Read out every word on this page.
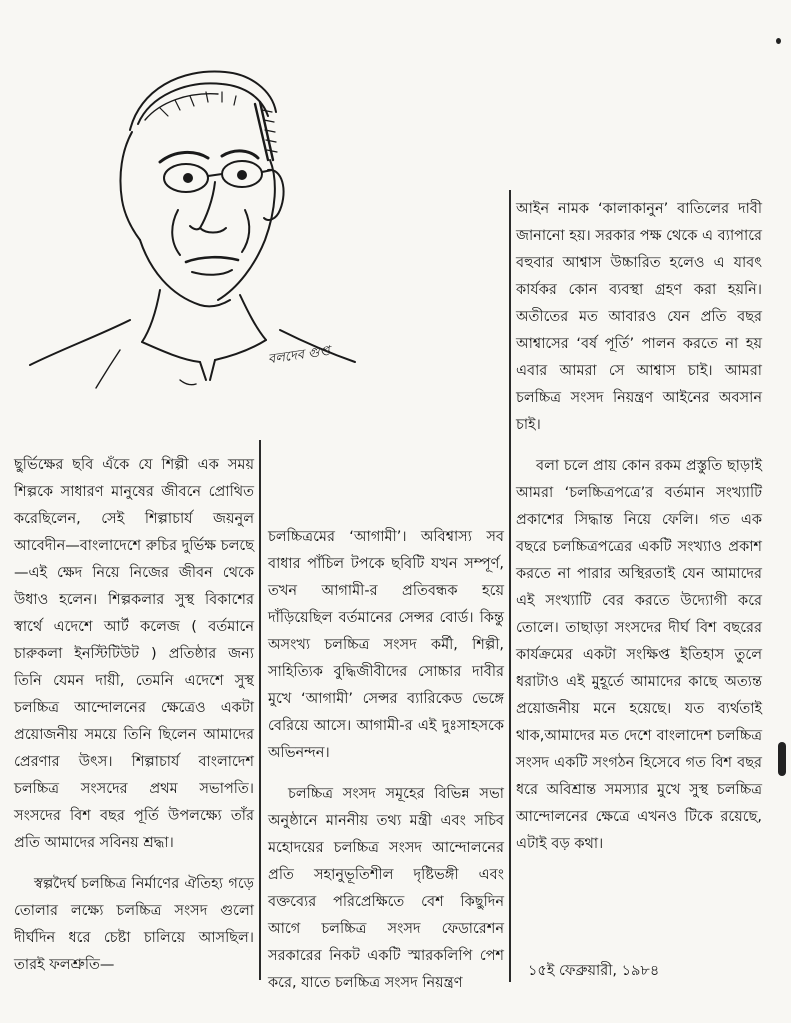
বলদেব গুপ্ত

ছুর্ভিক্ষের ছবি এঁকে যে শিল্পী এক সময় শিল্পকে সাধারণ মানুষের জীবনে প্রোথিত করেছিলেন, সেই শিল্পাচার্য জয়নুল আবেদীন—বাংলাদেশে রুচির দুর্ভিক্ষ চলছে—এই ক্ষেদ নিয়ে নিজের জীবন থেকে উধাও হলেন। শিল্পকলার সুস্থ বিকাশের স্বার্থে এদেশে আর্ট কলেজ ( বর্তমানে চারুকলা ইনস্টিটিউট ) প্রতিষ্ঠার জন্য তিনি যেমন দায়ী, তেমনি এদেশে সুস্থ চলচ্চিত্র আন্দোলনের ক্ষেত্রেও একটা প্রয়োজনীয় সময়ে তিনি ছিলেন আমাদের প্রেরণার উৎস। শিল্পাচার্য বাংলাদেশ চলচ্চিত্র সংসদের প্রথম সভাপতি। সংসদের বিশ বছর পূর্তি উপলক্ষ্যে তাঁর প্রতি আমাদের সবিনয় শ্রদ্ধা।

স্বল্পদৈর্ঘ চলচ্চিত্র নির্মাণের ঐতিহ্য গড়ে তোলার লক্ষ্যে চলচ্চিত্র সংসদ গুলো দীর্ঘদিন ধরে চেষ্টা চালিয়ে আসছিল। তারই ফলশ্রুতি—

চলচ্চিত্রমের ‘আগামী’। অবিশ্বাস্য সব বাধার পাঁচিল টপকে ছবিটি যখন সম্পূর্ণ, তখন আগামী-র প্রতিবন্ধক হয়ে দাঁড়িয়েছিল বর্তমানের সেন্সর বোর্ড। কিন্তু অসংখ্য চলচ্চিত্র সংসদ কর্মী, শিল্পী, সাহিত্যিক বুদ্ধিজীবীদের সোচ্চার দাবীর মুখে ‘আগামী’ সেন্সর ব্যারিকেড ভেঙ্গে বেরিয়ে আসে। আগামী-র এই দুঃসাহসকে অভিনন্দন।

চলচ্চিত্র সংসদ সমূহের বিভিন্ন সভা অনুষ্ঠানে মাননীয় তথ্য মন্ত্রী এবং সচিব মহোদয়ের চলচ্চিত্র সংসদ আন্দোলনের প্রতি সহানুভূতিশীল দৃষ্টিভঙ্গী এবং বক্তব্যের পরিপ্রেক্ষিতে বেশ কিছুদিন আগে চলচ্চিত্র সংসদ ফেডারেশন সরকারের নিকট একটি স্মারকলিপি পেশ করে, যাতে চলচ্চিত্র সংসদ নিয়ন্ত্রণ

আইন নামক ‘কালাকানুন’ বাতিলের দাবী জানানো হয়। সরকার পক্ষ থেকে এ ব্যাপারে বহুবার আশ্বাস উচ্চারিত হলেও এ যাবৎ কার্যকর কোন ব্যবস্থা গ্রহণ করা হয়নি। অতীতের মত আবারও যেন প্রতি বছর আশ্বাসের ‘বর্ষ পূর্তি’ পালন করতে না হয় এবার আমরা সে আশ্বাস চাই। আমরা চলচ্চিত্র সংসদ নিয়ন্ত্রণ আইনের অবসান চাই।

বলা চলে প্রায় কোন রকম প্রস্তুতি ছাড়াই আমরা ‘চলচ্চিত্রপত্রে’র বর্তমান সংখ্যাটি প্রকাশের সিদ্ধান্ত নিয়ে ফেলি। গত এক বছরে চলচ্চিত্রপত্রের একটি সংখ্যাও প্রকাশ করতে না পারার অস্থিরতাই যেন আমাদের এই সংখ্যাটি বের করতে উদ্যোগী করে তোলে। তাছাড়া সংসদের দীর্ঘ বিশ বছরের কার্যক্রমের একটা সংক্ষিপ্ত ইতিহাস তুলে ধরাটাও এই মুহূর্তে আমাদের কাছে অত্যন্ত প্রয়োজনীয় মনে হয়েছে। যত ব্যর্থতাই থাক,আমাদের মত দেশে বাংলাদেশ চলচ্চিত্র সংসদ একটি সংগঠন হিসেবে গত বিশ বছর ধরে অবিশ্রান্ত সমস্যার মুখে সুস্থ চলচ্চিত্র আন্দোলনের ক্ষেত্রে এখনও টিকে রয়েছে, এটাই বড় কথা।

১৫ই ফেব্রুয়ারী, ১৯৮৪
